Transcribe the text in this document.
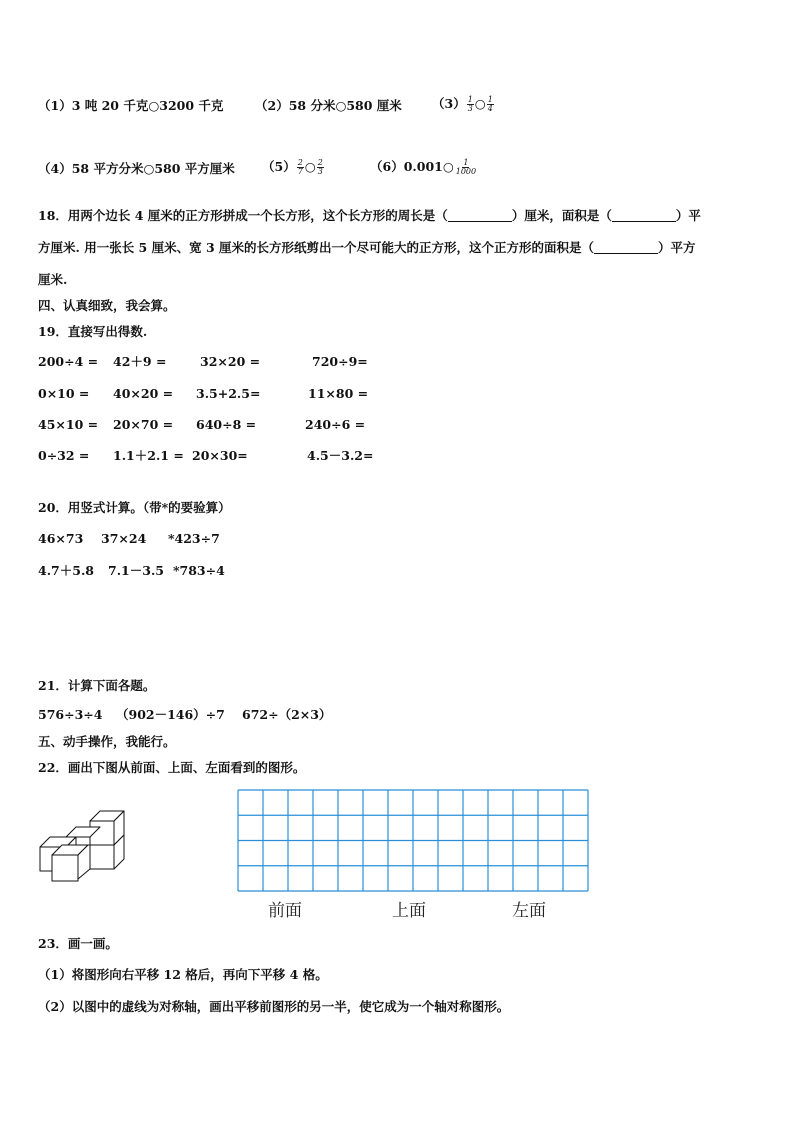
（1）3 吨 20 千克○3200 千克	（2）58 分米○580 厘米 $(3) \frac{1}{3}$ ○ $\frac{1}{4}$
（4）58 平方分米○580 平方厘米 $(5) \frac{2}{7}$ ○ $\frac{2}{3}$	（6）0.001○ $\frac{1}{1000}$
18．用两个边长 4 厘米的正方形拼成一个长方形，这个长方形的周长是（	）厘米，面积是（	）平
方厘米. 用一张长 5 厘米、宽 3 厘米的长方形纸剪出一个尽可能大的正方形，这个正方形的面积是（	）平方
厘米.
四、认真细致，我会算。
19．直接写出得数.
200÷4 = 42＋9 =	32×20 =	720÷9=
0×10 = 40×20 = 3.5+2.5=	11×80 =
45×10 = 20×70 = 640÷8 =	240÷6 =
0÷32 = 1.1＋2.1 = 20×30=	4.5－3.2=
20．用竖式计算。（带*的要验算）
46×73 37×24 *423÷7
4.7＋5.8 7.1－3.5 *783÷4
21．计算下面各题。
576÷3÷4 （902－146）÷7 672÷（2×3）
五、动手操作，我能行。
22．画出下图从前面、上面、左面看到的图形。
前面	上面	左面
23．画一画。
（1）将图形向右平移 12 格后，再向下平移 4 格。
（2）以图中的虚线为对称轴，画出平移前图形的另一半，使它成为一个轴对称图形。
